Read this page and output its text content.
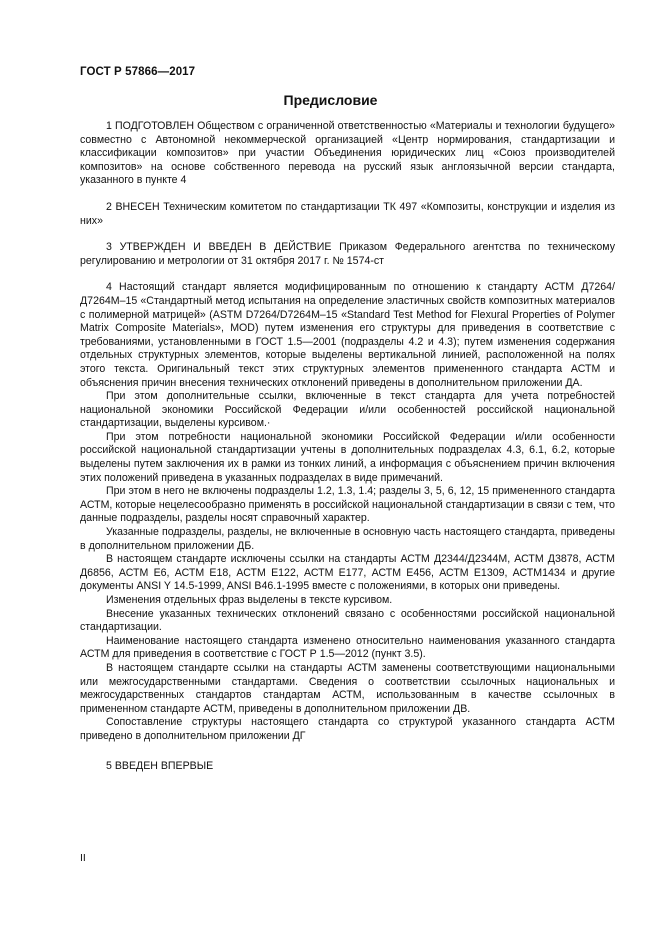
ГОСТ Р 57866—2017
Предисловие

1 ПОДГОТОВЛЕН Обществом с ограниченной ответственностью «Материалы и технологии будущего» совместно с Автономной некоммерческой организацией «Центр нормирования, стандартизации и классификации композитов» при участии Объединения юридических лиц «Союз производителей композитов» на основе собственного перевода на русский язык англоязычной версии стандарта, указанного в пункте 4

2 ВНЕСЕН Техническим комитетом по стандартизации ТК 497 «Композиты, конструкции и изделия из них»

3 УТВЕРЖДЕН И ВВЕДЕН В ДЕЙСТВИЕ Приказом Федерального агентства по техническому регулированию и метрологии от 31 октября 2017 г. № 1574-ст

4 Настоящий стандарт является модифицированным по отношению к стандарту АСТМ Д7264/Д7264М–15 «Стандартный метод испытания на определение эластичных свойств композитных материалов с полимерной матрицей» (ASTM D7264/D7264M–15 «Standard Test Method for Flexural Properties of Polymer Matrix Composite Materials», MOD) путем изменения его структуры для приведения в соответствие с требованиями, установленными в ГОСТ 1.5—2001 (подразделы 4.2 и 4.3); путем изменения содержания отдельных структурных элементов, которые выделены вертикальной линией, расположенной на полях этого текста. Оригинальный текст этих структурных элементов примененного стандарта АСТМ и объяснения причин внесения технических отклонений приведены в дополнительном приложении ДА.

При этом дополнительные ссылки, включенные в текст стандарта для учета потребностей национальной экономики Российской Федерации и/или особенностей российской национальной стандартизации, выделены курсивом.·

При этом потребности национальной экономики Российской Федерации и/или особенности российской национальной стандартизации учтены в дополнительных подразделах 4.3, 6.1, 6.2, которые выделены путем заключения их в рамки из тонких линий, а информация с объяснением причин включения этих положений приведена в указанных подразделах в виде примечаний.

При этом в него не включены подразделы 1.2, 1.3, 1.4; разделы 3, 5, 6, 12, 15 примененного стандарта АСТМ, которые нецелесообразно применять в российской национальной стандартизации в связи с тем, что данные подразделы, разделы носят справочный характер.

Указанные подразделы, разделы, не включенные в основную часть настоящего стандарта, приведены в дополнительном приложении ДБ.

В настоящем стандарте исключены ссылки на стандарты АСТМ Д2344/Д2344М, АСТМ Д3878, АСТМ Д6856, АСТМ Е6, АСТМ Е18, АСТМ Е122, АСТМ Е177, АСТМ Е456, АСТМ Е1309, АСТМ1434 и другие документы ANSI Y 14.5-1999, ANSI B46.1-1995 вместе с положениями, в которых они приведены.

Изменения отдельных фраз выделены в тексте курсивом.

Внесение указанных технических отклонений связано с особенностями российской национальной стандартизации.

Наименование настоящего стандарта изменено относительно наименования указанного стандарта АСТМ для приведения в соответствие с ГОСТ Р 1.5—2012 (пункт 3.5).

В настоящем стандарте ссылки на стандарты АСТМ заменены соответствующими национальными или межгосударственными стандартами. Сведения о соответствии ссылочных национальных и межгосударственных стандартов стандартам АСТМ, использованным в качестве ссылочных в примененном стандарте АСТМ, приведены в дополнительном приложении ДВ.

Сопоставление структуры настоящего стандарта со структурой указанного стандарта АСТМ приведено в дополнительном приложении ДГ

5 ВВЕДЕН ВПЕРВЫЕ

II
